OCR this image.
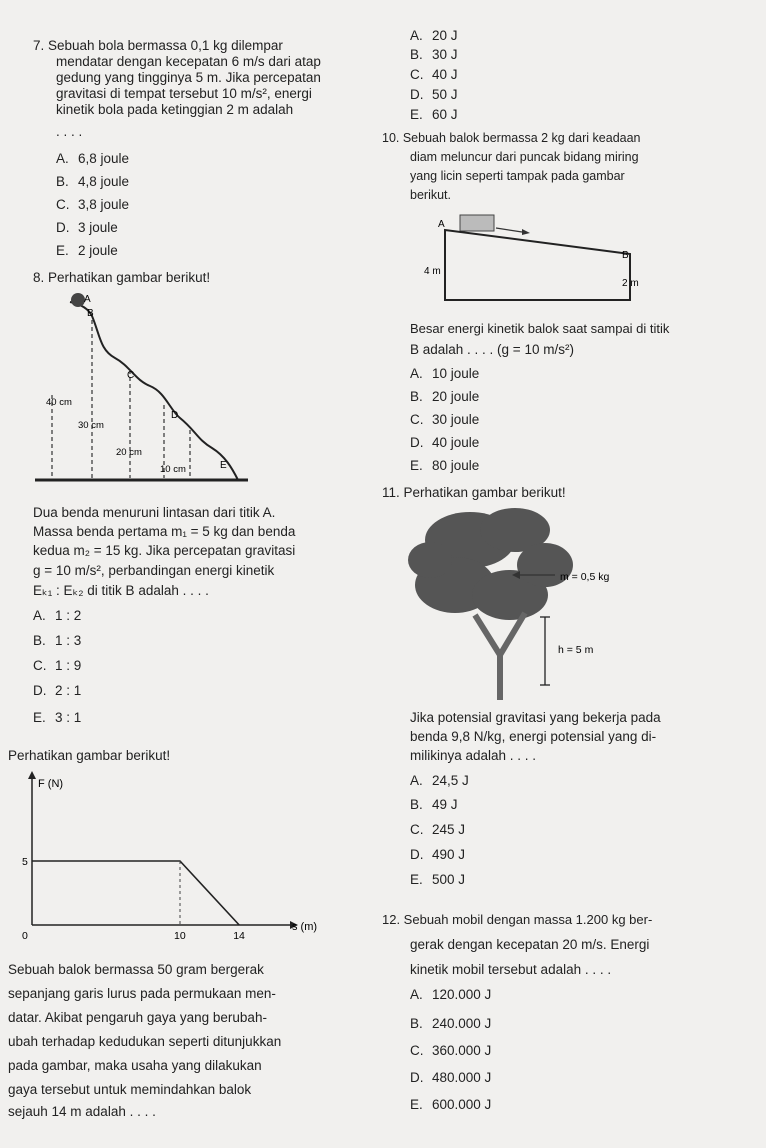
7. Sebuah bola bermassa 0,1 kg dilempar
mendatar dengan kecepatan 6 m/s dari atap
gedung yang tingginya 5 m. Jika percepatan
gravitasi di tempat tersebut 10 m/s², energi
kinetik bola pada ketinggian 2 m adalah
. . . .
A. 6,8 joule
B. 4,8 joule
C. 3,8 joule
D. 3 joule
E. 2 joule
8. Perhatikan gambar berikut!
A
B
C
D
E
40 cm
30 cm
20 cm
10 cm
Dua benda menuruni lintasan dari titik A.
Massa benda pertama m₁ = 5 kg dan benda
kedua m₂ = 15 kg. Jika percepatan gravitasi
g = 10 m/s², perbandingan energi kinetik
Eₖ₁ : Eₖ₂ di titik B adalah . . . .
A. 1 : 2
B. 1 : 3
C. 1 : 9
D. 2 : 1
E. 3 : 1
Perhatikan gambar berikut!
F (N)
s (m)
0	10	14
5
Sebuah balok bermassa 50 gram bergerak
sepanjang garis lurus pada permukaan men-
datar. Akibat pengaruh gaya yang berubah-
ubah terhadap kedudukan seperti ditunjukkan
pada gambar, maka usaha yang dilakukan
gaya tersebut untuk memindahkan balok
sejauh 14 m adalah . . . .
A. 20 J
B. 30 J
C. 40 J
D. 50 J
E. 60 J
10. Sebuah balok bermassa 2 kg dari keadaan
diam meluncur dari puncak bidang miring
yang licin seperti tampak pada gambar
berikut.
A
B
4 m
2 m
Besar energi kinetik balok saat sampai di titik
B adalah . . . . (g = 10 m/s²)
A. 10 joule
B. 20 joule
C. 30 joule
D. 40 joule
E. 80 joule
11. Perhatikan gambar berikut!
m = 0,5 kg
h = 5 m
Jika potensial gravitasi yang bekerja pada
benda 9,8 N/kg, energi potensial yang di-
milikinya adalah . . . .
A. 24,5 J
B. 49 J
C. 245 J
D. 490 J
E. 500 J
12. Sebuah mobil dengan massa 1.200 kg ber-
gerak dengan kecepatan 20 m/s. Energi
kinetik mobil tersebut adalah . . . .
A. 120.000 J
B. 240.000 J
C. 360.000 J
D. 480.000 J
E. 600.000 J
